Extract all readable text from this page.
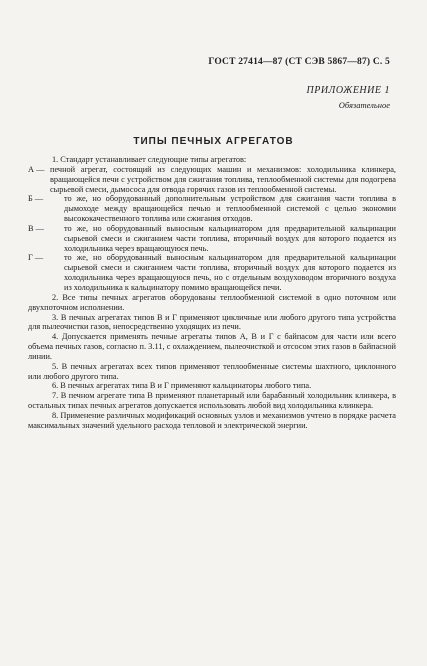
ГОСТ 27414—87 (СТ СЭВ 5867—87) С. 5
ПРИЛОЖЕНИЕ 1
Обязательное
ТИПЫ ПЕЧНЫХ АГРЕГАТОВ

1. Стандарт устанавливает следующие типы агрегатов:

А — печной агрегат, состоящий из следующих машин и механизмов: холодильника клинкера, вращающейся печи с устройством для сжигания топлива, теплообменной системы для подогрева сырьевой смеси, дымососа для отвода горячих газов из теплообменной системы.
Б —	то же, но оборудованный дополнительным устройством для сжигания части топлива в дымоходе между вращающейся печью и теплообменной системой с целью экономии высококачественного топлива или сжигания отходов.
В —	то же, но оборудованный выносным кальцинатором для предварительной кальцинации сырьевой смеси и сжиганием части топлива, вторичный воздух для которого подается из холодильника через вращающуюся печь.
Г —	то же, но оборудованный выносным кальцинатором для предварительной кальцинации сырьевой смеси и сжиганием части топлива, вторичный воздух для которого подается из холодильника через вращающуюся печь, но с отдельным воздуховодом вторичного воздуха из холодильника к кальцинатору помимо вращающейся печи.

2. Все типы печных агрегатов оборудованы теплообменной системой в одно поточном или двухпоточном исполнении.

3. В печных агрегатах типов В и Г применяют цикличные или любого другого типа устройства для пылеочистки газов, непосредственно уходящих из печи.

4. Допускается применять печные агрегаты типов А, В и Г с байпасом для части или всего объема печных газов, согласно п. 3.11, с охлаждением, пылеочисткой и отсосом этих газов в байпасной линии.

5. В печных агрегатах всех типов применяют теплообменные системы шахтного, циклонного или любого другого типа.

6. В печных агрегатах типа В и Г применяют кальцинаторы любого типа.

7. В печном агрегате типа В применяют планетарный или барабанный холодильник клинкера, в остальных типах печных агрегатов допускается использовать любой вид холодильника клинкера.

8. Применение различных модификаций основных узлов и механизмов учтено в порядке расчета максимальных значений удельного расхода тепловой и электрической энергии.
